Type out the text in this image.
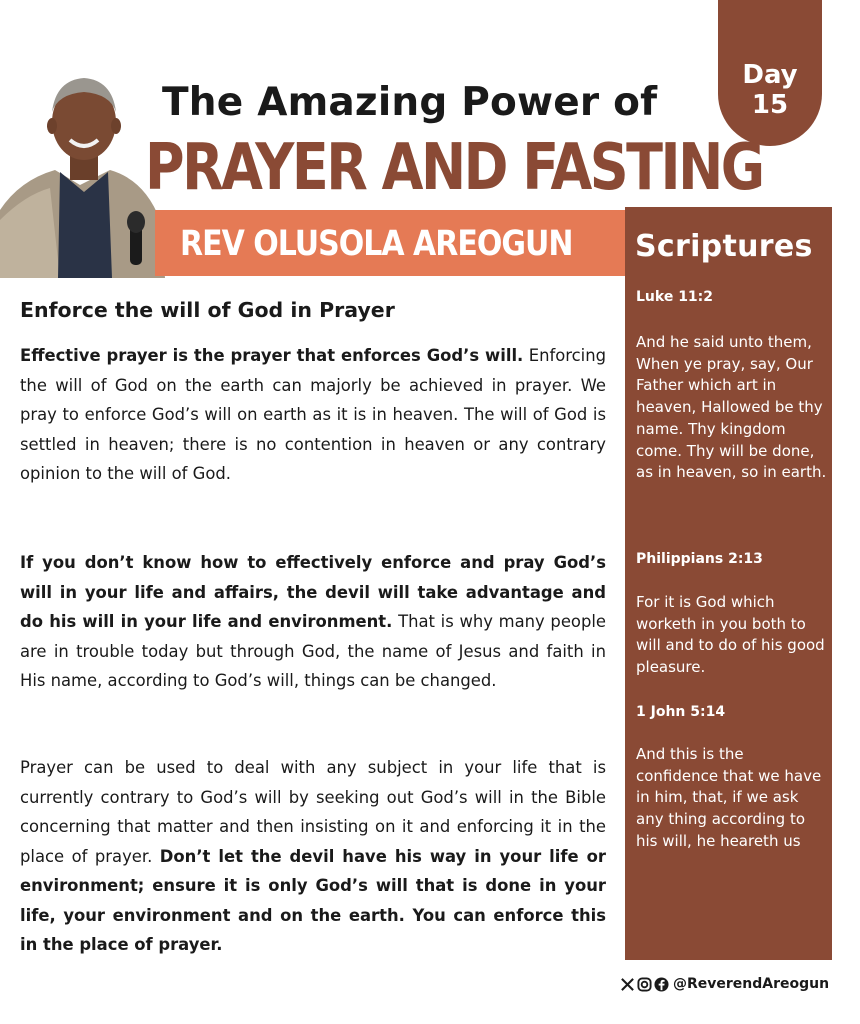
Day
15
The Amazing Power of
PRAYER AND FASTING
REV OLUSOLA AREOGUN	Scriptures
Luke 11:2
And he said unto them, When ye pray, say, Our Father which art in heaven, Hallowed be thy name. Thy kingdom come. Thy will be done, as in heaven, so in earth.
Philippians 2:13
For it is God which worketh in you both to will and to do of his good pleasure.
1 John 5:14
And this is the confidence that we have in him, that, if we ask any thing according to his will, he heareth us
Enforce the will of God in Prayer
Effective prayer is the prayer that enforces God’s will. Enforcing the will of God on the earth can majorly be achieved in prayer. We pray to enforce God’s will on earth as it is in heaven. The will of God is settled in heaven; there is no contention in heaven or any contrary opinion to the will of God.
If you don’t know how to effectively enforce and pray God’s will in your life and affairs, the devil will take advantage and do his will in your life and environment. That is why many people are in trouble today but through God, the name of Jesus and faith in His name, according to God’s will, things can be changed.
Prayer can be used to deal with any subject in your life that is currently contrary to God’s will by seeking out God’s will in the Bible concerning that matter and then insisting on it and enforcing it in the place of prayer. Don’t let the devil have his way in your life or environment; ensure it is only God’s will that is done in your life, your environment and on the earth. You can enforce this in the place of prayer.
@ReverendAreogun
